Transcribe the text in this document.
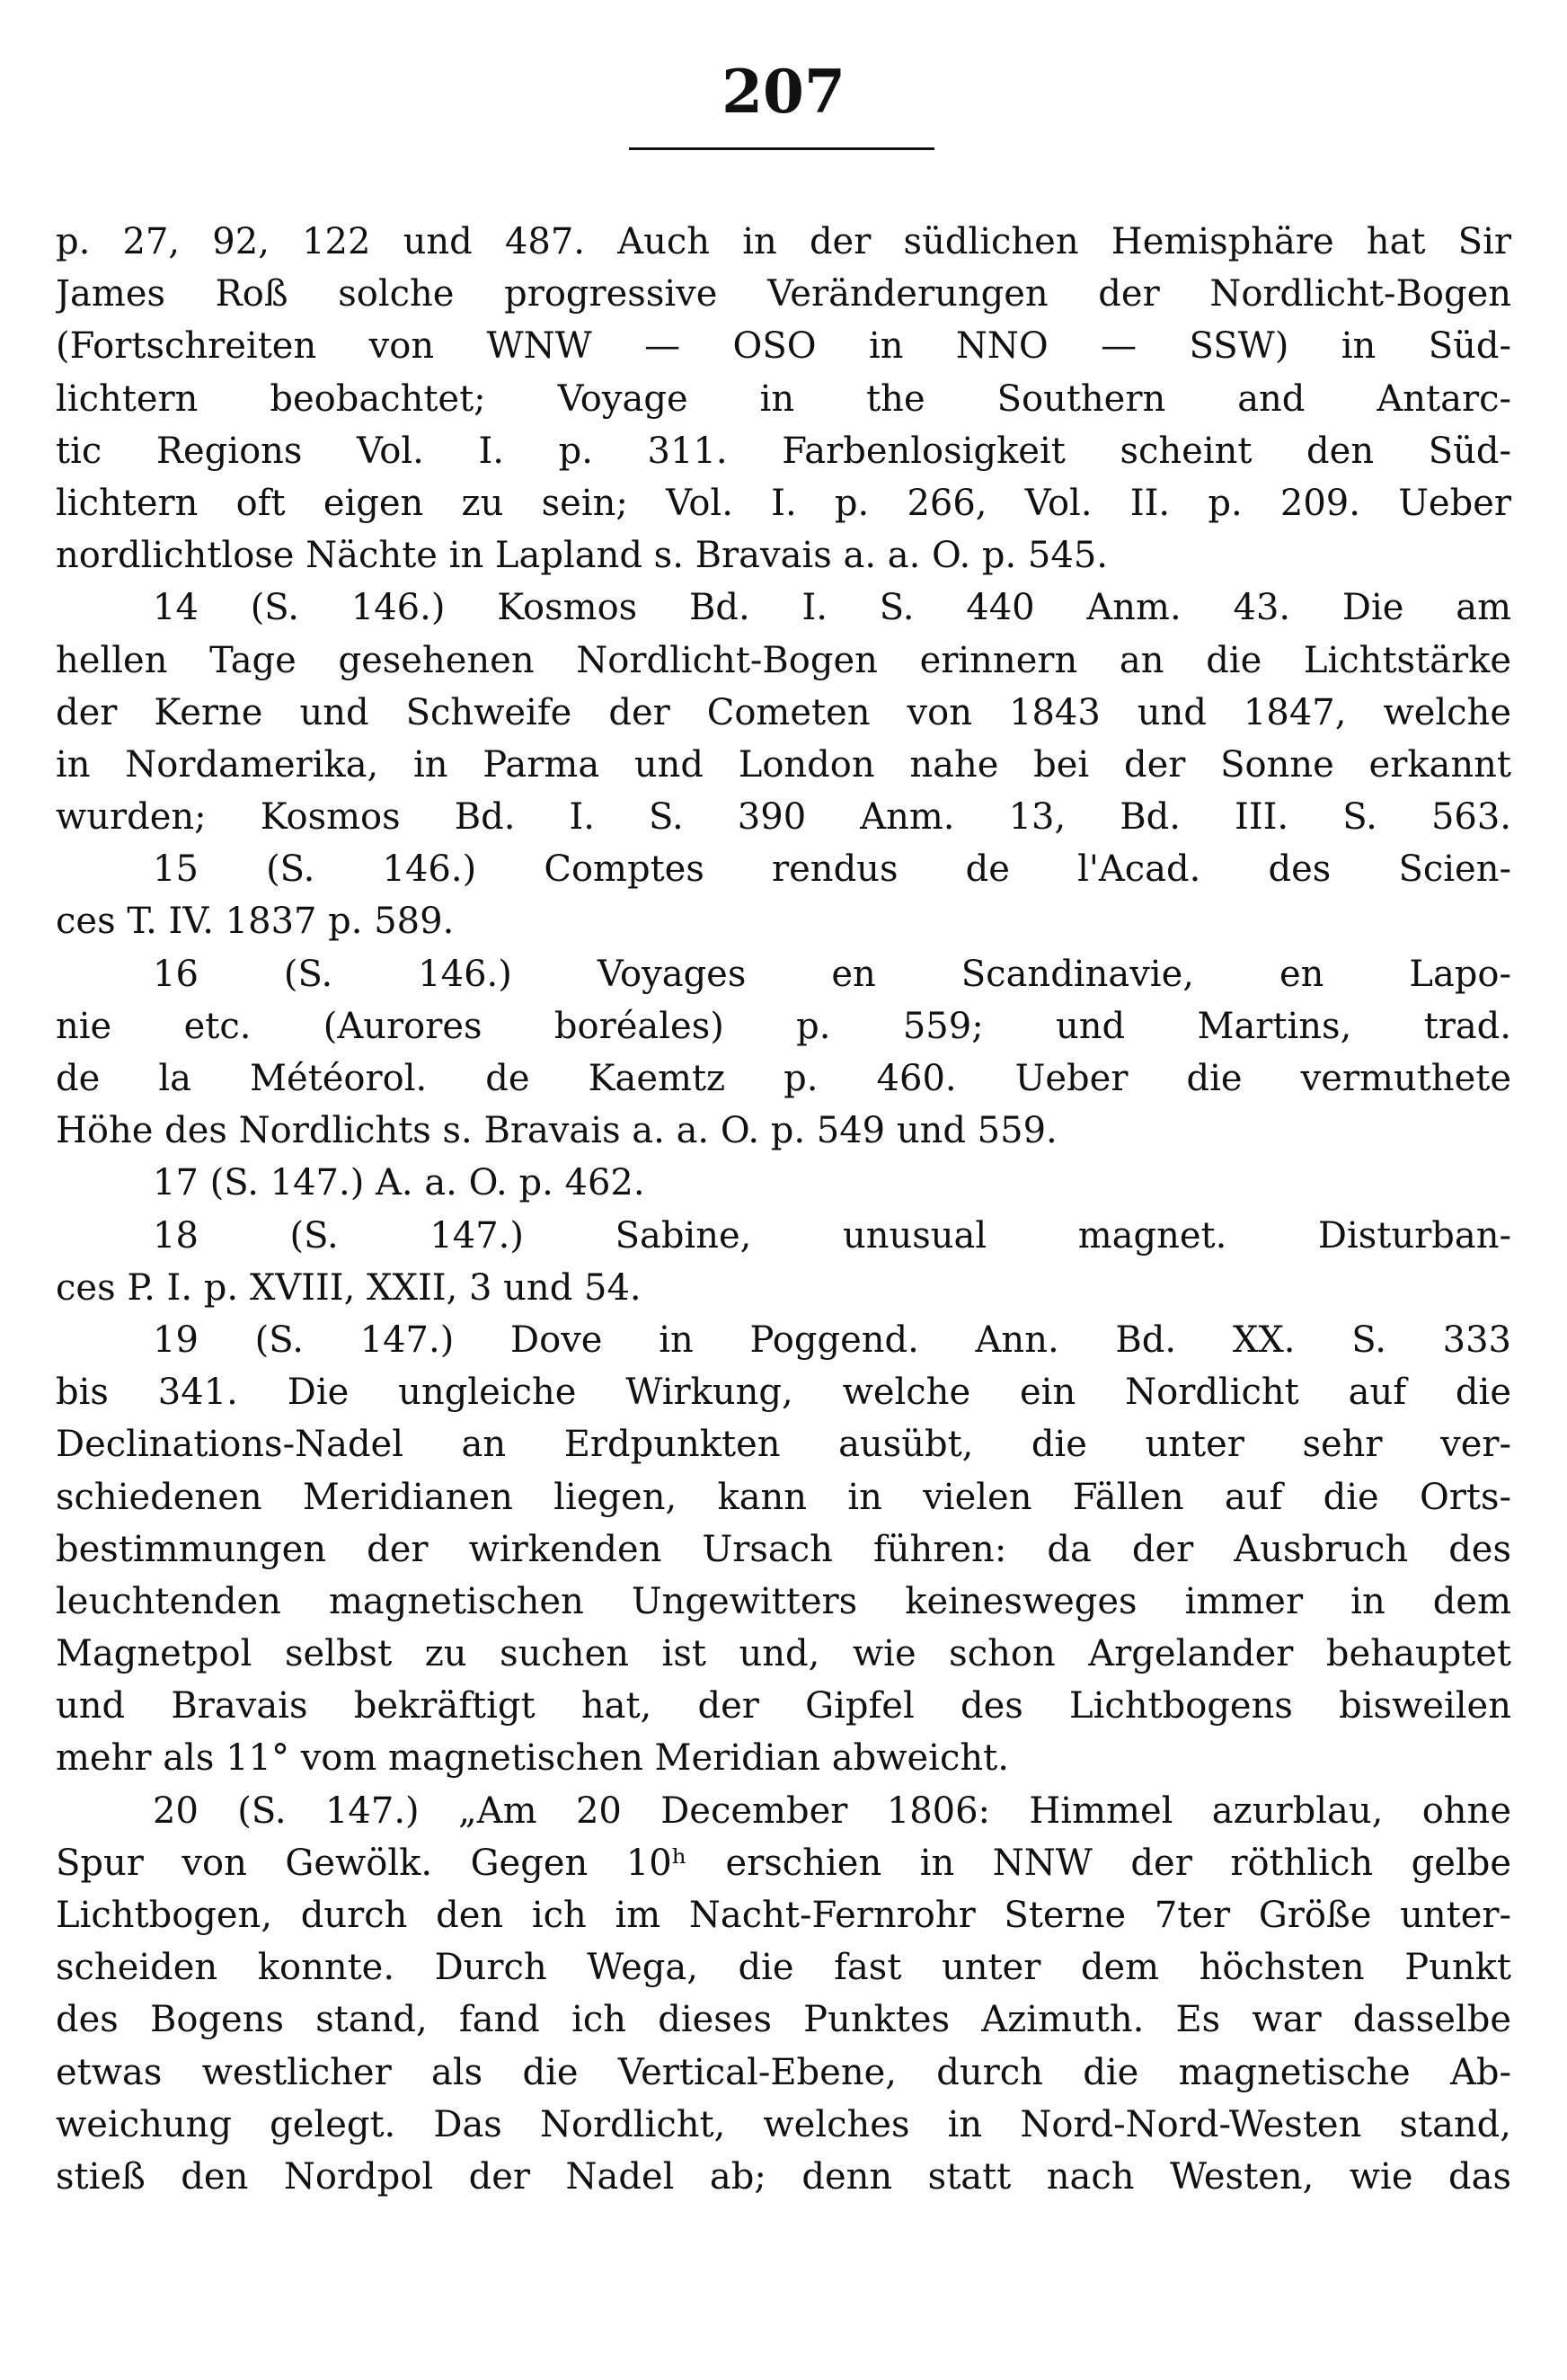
207
p. 27, 92, 122 und 487. Auch in der südlichen Hemisphäre hat Sir
James Roß solche progressive Veränderungen der Nordlicht-Bogen
(Fortschreiten von WNW — OSO in NNO — SSW) in Süd-
lichtern beobachtet; Voyage in the Southern and Antarc-
tic Regions Vol. I. p. 311. Farbenlosigkeit scheint den Süd-
lichtern oft eigen zu sein; Vol. I. p. 266, Vol. II. p. 209. Ueber
nordlichtlose Nächte in Lapland s. Bravais a. a. O. p. 545.
14 (S. 146.) Kosmos Bd. I. S. 440 Anm. 43. Die am
hellen Tage gesehenen Nordlicht-Bogen erinnern an die Lichtstärke
der Kerne und Schweife der Cometen von 1843 und 1847, welche
in Nordamerika, in Parma und London nahe bei der Sonne erkannt
wurden; Kosmos Bd. I. S. 390 Anm. 13, Bd. III. S. 563.
15 (S. 146.) Comptes rendus de l'Acad. des Scien-
ces T. IV. 1837 p. 589.
16 (S. 146.) Voyages en Scandinavie, en Lapo-
nie etc. (Aurores boréales) p. 559; und Martins, trad.
de la Météorol. de Kaemtz p. 460. Ueber die vermuthete
Höhe des Nordlichts s. Bravais a. a. O. p. 549 und 559.
17 (S. 147.) A. a. O. p. 462.
18 (S. 147.) Sabine, unusual magnet. Disturban-
ces P. I. p. XVIII, XXII, 3 und 54.
19 (S. 147.) Dove in Poggend. Ann. Bd. XX. S. 333
bis 341. Die ungleiche Wirkung, welche ein Nordlicht auf die
Declinations-Nadel an Erdpunkten ausübt, die unter sehr ver-
schiedenen Meridianen liegen, kann in vielen Fällen auf die Orts-
bestimmungen der wirkenden Ursach führen: da der Ausbruch des
leuchtenden magnetischen Ungewitters keinesweges immer in dem
Magnetpol selbst zu suchen ist und, wie schon Argelander behauptet
und Bravais bekräftigt hat, der Gipfel des Lichtbogens bisweilen
mehr als 11° vom magnetischen Meridian abweicht.
20 (S. 147.) „Am 20 December 1806: Himmel azurblau, ohne
Spur von Gewölk. Gegen 10ʰ erschien in NNW der röthlich gelbe
Lichtbogen, durch den ich im Nacht-Fernrohr Sterne 7ter Größe unter-
scheiden konnte. Durch Wega, die fast unter dem höchsten Punkt
des Bogens stand, fand ich dieses Punktes Azimuth. Es war dasselbe
etwas westlicher als die Vertical-Ebene, durch die magnetische Ab-
weichung gelegt. Das Nordlicht, welches in Nord-Nord-Westen stand,
stieß den Nordpol der Nadel ab; denn statt nach Westen, wie das
